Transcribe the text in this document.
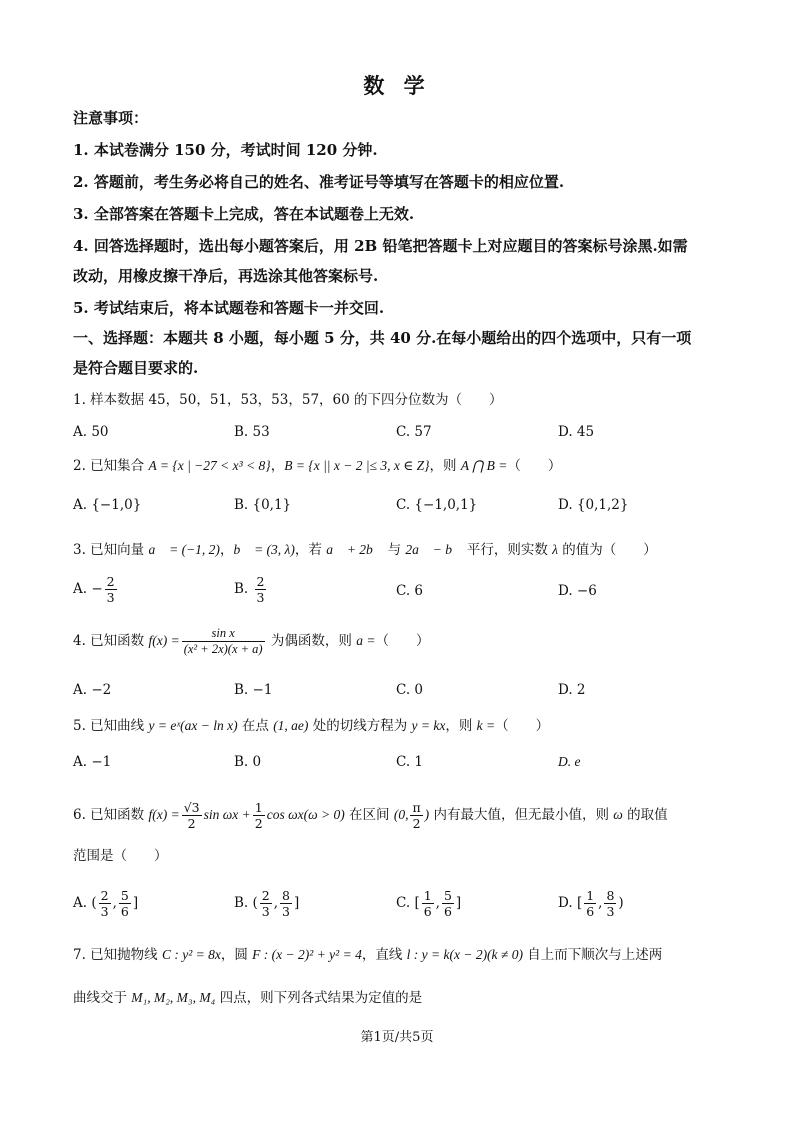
数 学
注意事项：
1. 本试卷满分 150 分，考试时间 120 分钟.
2. 答题前，考生务必将自己的姓名、准考证号等填写在答题卡的相应位置.
3. 全部答案在答题卡上完成，答在本试题卷上无效.
4. 回答选择题时，选出每小题答案后，用 2B 铅笔把答题卡上对应题目的答案标号涂黑.如需
改动，用橡皮擦干净后，再选涂其他答案标号.
5. 考试结束后，将本试题卷和答题卡一并交回.
一、选择题：本题共 8 小题，每小题 5 分，共 40 分.在每小题给出的四个选项中，只有一项
是符合题目要求的.
1. 样本数据 45，50，51，53，53，57，60 的下四分位数为（　　）
A. 50	B. 53	C. 57	D. 45
2. 已知集合 A = {x | −27 < x³ < 8}，B = {x || x − 2 |≤ 3, x ∈ Z}，则 A ⋂ B =（　　）
A. {−1,0}	B. {0,1}	C. {−1,0,1}	D. {0,1,2}
3. 已知向量 a⃗ = (−1, 2)，b⃗ = (3, λ)，若 a⃗ + 2b⃗ 与 2a⃗ − b⃗ 平行，则实数 λ 的值为（　　）
A. − $\frac{2}{3}$	B. $\frac{2}{3}$	C. 6	D. −6
4. 已知函数 $f(x) = \frac{\text{sin x}}{\text{(x² + 2x)(x + a)}}$ 为偶函数，则 a =（　　）
A. −2	B. −1	C. 0	D. 2
5. 已知曲线 y = eˣ(ax − ln x) 在点 (1, ae) 处的切线方程为 y = kx，则 k =（　　）
A. −1	B. 0	C. 1	D. e
6. 已知函数 $f(x) = \frac{√3}{2}$ $\sin \omega x + \frac{1}{2}$ cos ωx(ω > 0) 在区间 (0, $\frac{\pi}{2}$ ) 内有最大值，但无最小值，则 ω 的取值
范围是（　　）
A. ( $\frac{2}{3}$ , $\frac{5}{6}$ ]	B. ( $\frac{2}{3}$ , $\frac{8}{3}$ ]	C. [ $\frac{1}{6}$ , $\frac{5}{6}$ ]	D. [ $\frac{1}{6}$ , $\frac{8}{3}$ )
7. 已知抛物线 C : y² = 8x，圆 F : (x − 2)² + y² = 4，直线 l : y = k(x − 2)(k ≠ 0) 自上而下顺次与上述两
曲线交于 M₁, M₂, M₃, M₄ 四点，则下列各式结果为定值的是
第1页/共5页
